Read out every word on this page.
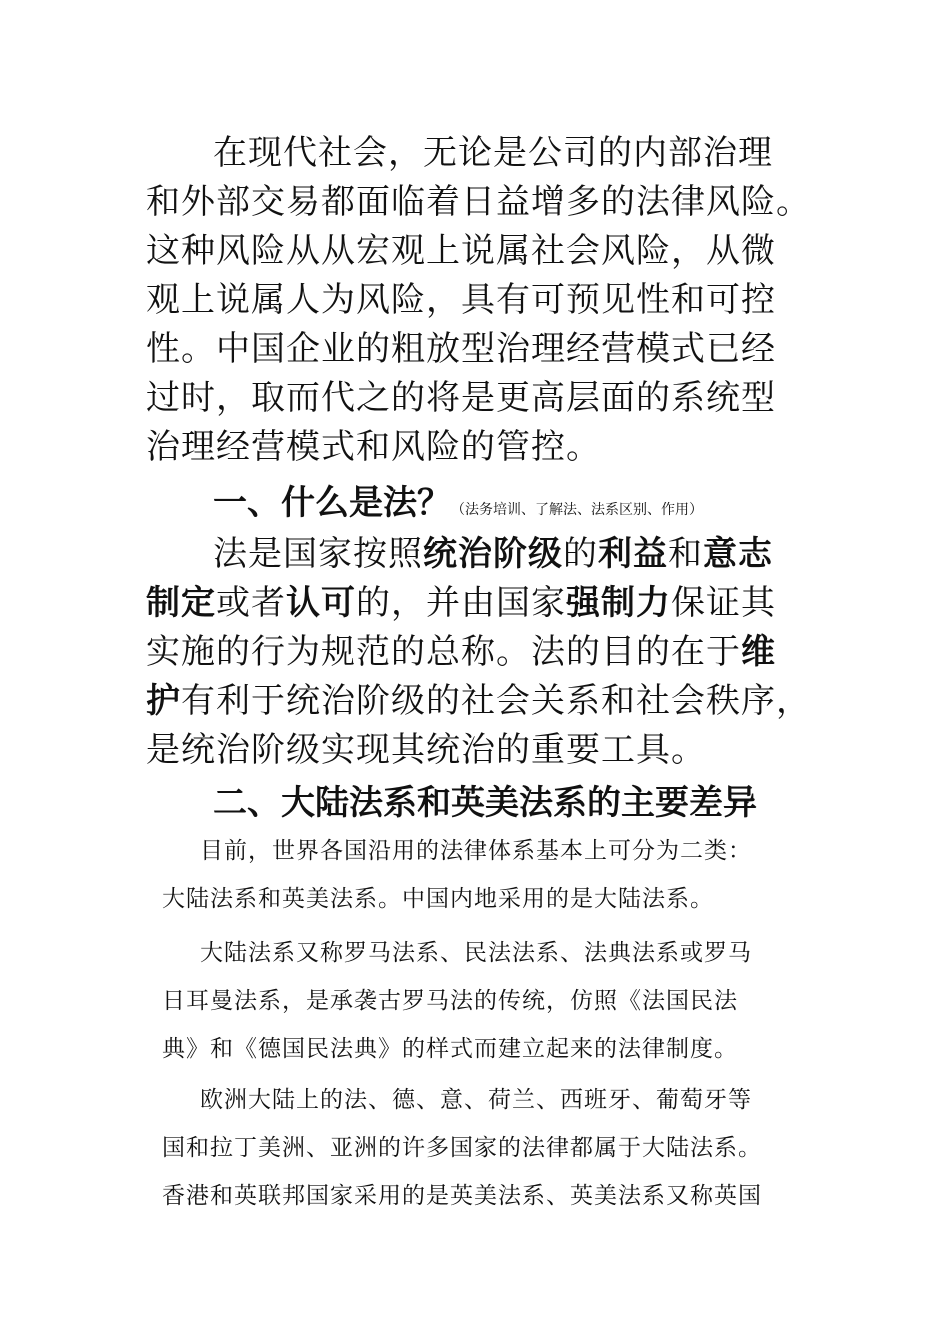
在现代社会，无论是公司的内部治理

和外部交易都面临着日益增多的法律风险。

这种风险从从宏观上说属社会风险，从微

观上说属人为风险，具有可预见性和可控

性。中国企业的粗放型治理经营模式已经

过时，取而代之的将是更高层面的系统型

治理经营模式和风险的管控。

一、什么是法？（法务培训、了解法、法系区别、作用）

法是国家按照统治阶级的利益和意志

制定或者认可的，并由国家强制力保证其

实施的行为规范的总称。法的目的在于维

护有利于统治阶级的社会关系和社会秩序，

是统治阶级实现其统治的重要工具。

二、大陆法系和英美法系的主要差异

目前，世界各国沿用的法律体系基本上可分为二类：

大陆法系和英美法系。中国内地采用的是大陆法系。

大陆法系又称罗马法系、民法法系、法典法系或罗马

日耳曼法系，是承袭古罗马法的传统，仿照《法国民法

典》和《德国民法典》的样式而建立起来的法律制度。

欧洲大陆上的法、德、意、荷兰、西班牙、葡萄牙等

国和拉丁美洲、亚洲的许多国家的法律都属于大陆法系。

香港和英联邦国家采用的是英美法系、英美法系又称英国
